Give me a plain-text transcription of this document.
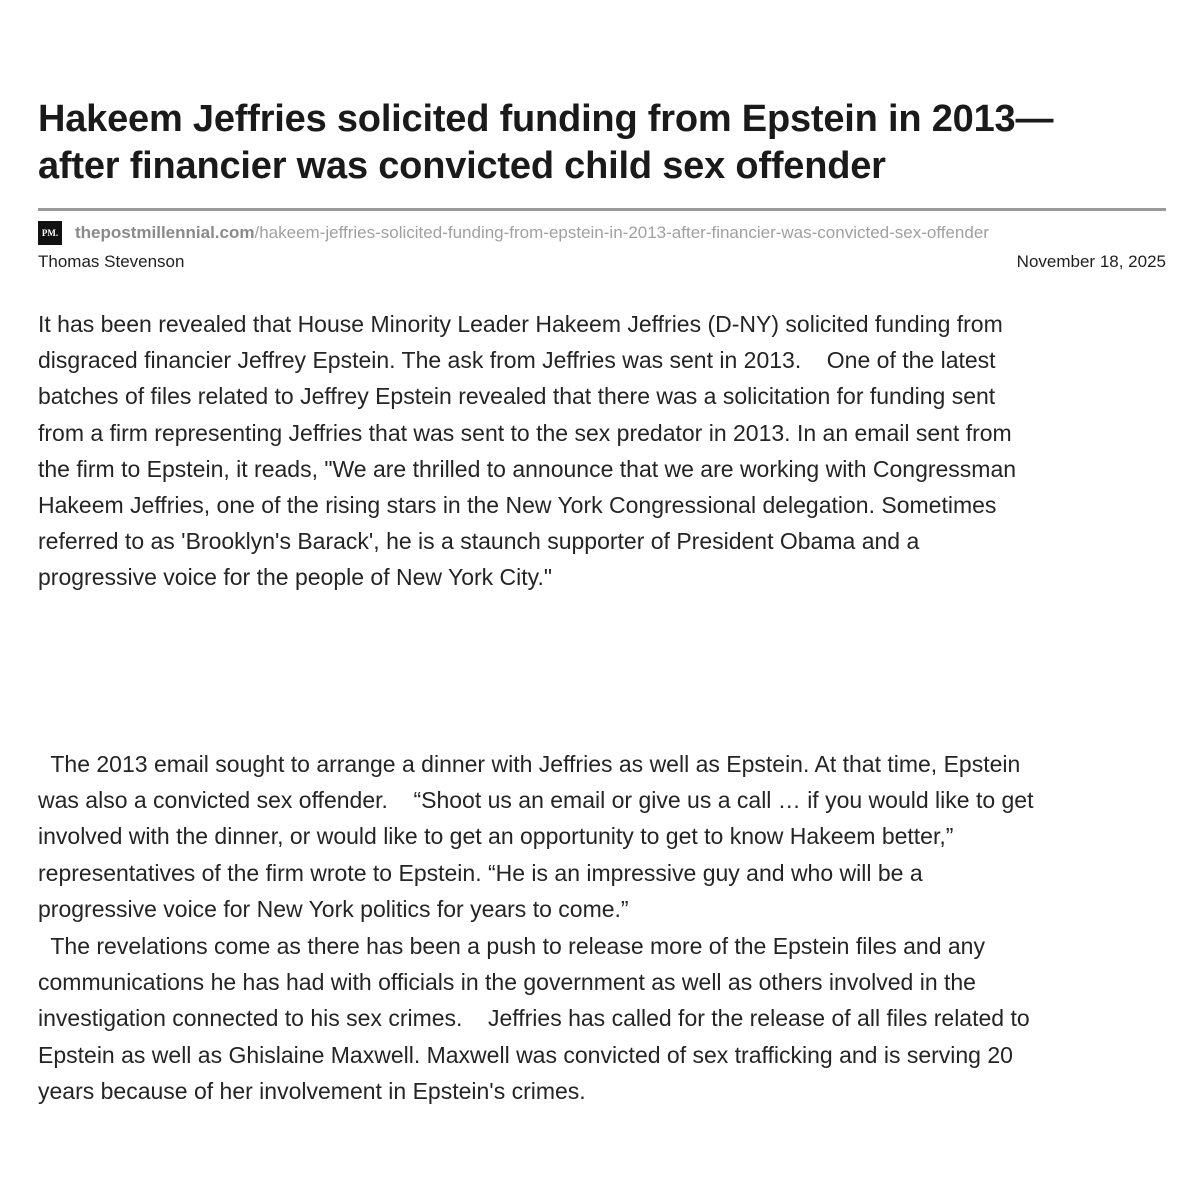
Hakeem Jeffries solicited funding from Epstein in 2013—
after financier was convicted child sex offender
PM. thepostmillennial.com /hakeem-jeffries-solicited-funding-from-epstein-in-2013-after-financier-was-convicted-sex-offender
Thomas Stevenson	November 18, 2025
It has been revealed that House Minority Leader Hakeem Jeffries (D-NY) solicited funding from
disgraced financier Jeffrey Epstein. The ask from Jeffries was sent in 2013.    One of the latest
batches of files related to Jeffrey Epstein revealed that there was a solicitation for funding sent
from a firm representing Jeffries that was sent to the sex predator in 2013. In an email sent from
the firm to Epstein, it reads, "We are thrilled to announce that we are working with Congressman
Hakeem Jeffries, one of the rising stars in the New York Congressional delegation. Sometimes
referred to as 'Brooklyn's Barack', he is a staunch supporter of President Obama and a
progressive voice for the people of New York City."
The 2013 email sought to arrange a dinner with Jeffries as well as Epstein. At that time, Epstein
was also a convicted sex offender.    “Shoot us an email or give us a call … if you would like to get
involved with the dinner, or would like to get an opportunity to get to know Hakeem better,”
representatives of the firm wrote to Epstein. “He is an impressive guy and who will be a
progressive voice for New York politics for years to come.”
The revelations come as there has been a push to release more of the Epstein files and any
communications he has had with officials in the government as well as others involved in the
investigation connected to his sex crimes.    Jeffries has called for the release of all files related to
Epstein as well as Ghislaine Maxwell. Maxwell was convicted of sex trafficking and is serving 20
years because of her involvement in Epstein's crimes.
